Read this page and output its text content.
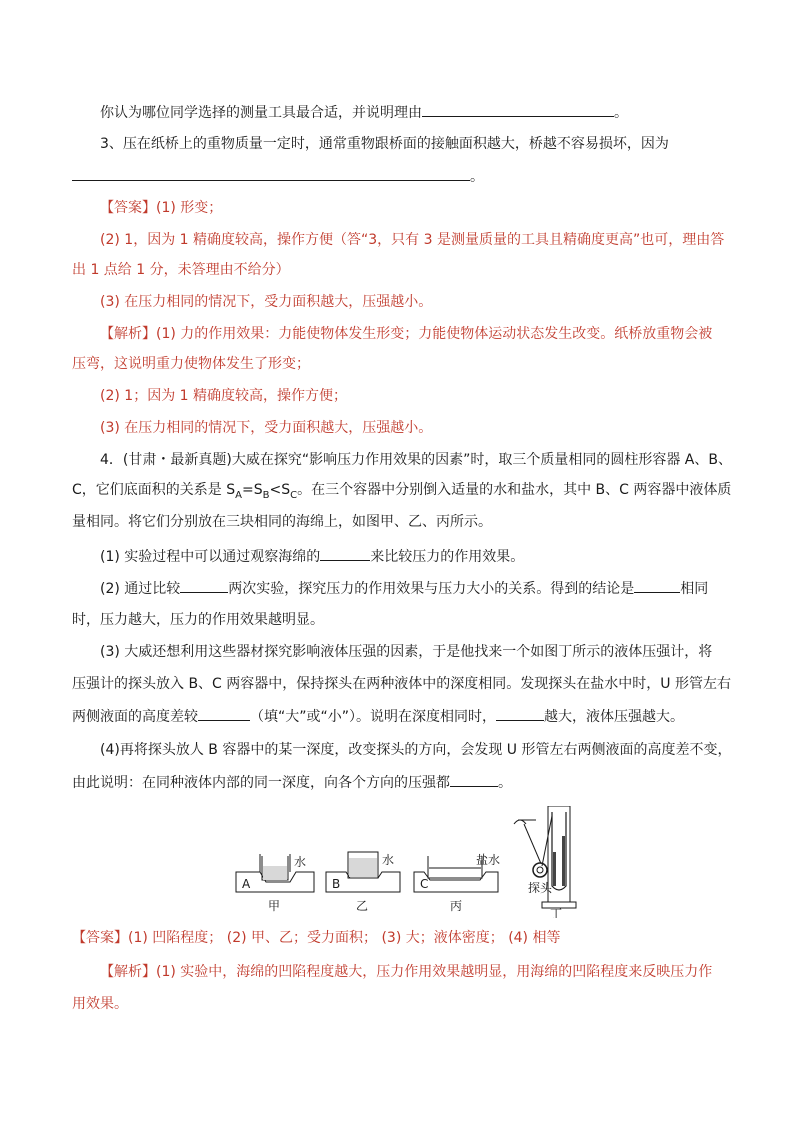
你认为哪位同学选择的测量工具最合适，并说明理由	。
3、压在纸桥上的重物质量一定时，通常重物跟桥面的接触面积越大，桥越不容易损坏，因为
。
【答案】(1) 形变；
(2) 1，因为 1 精确度较高，操作方便（答“3，只有 3 是测量质量的工具且精确度更高”也可，理由答
出 1 点给 1 分，未答理由不给分）
(3) 在压力相同的情况下，受力面积越大，压强越小。
【解析】(1) 力的作用效果：力能使物体发生形变；力能使物体运动状态发生改变。纸桥放重物会被
压弯，这说明重力使物体发生了形变；
(2) 1；因为 1 精确度较高，操作方便；
(3) 在压力相同的情况下，受力面积越大，压强越小。
4．(甘肃・最新真题)大威在探究“影响压力作用效果的因素”时，取三个质量相同的圆柱形容器 A、B、
C，它们底面积的关系是 $S_A=S_B<S_C$。在三个容器中分别倒入适量的水和盐水，其中 B、C 两容器中液体质
量相同。将它们分别放在三块相同的海绵上，如图甲、乙、丙所示。
(1) 实验过程中可以通过观察海绵的	来比较压力的作用效果。
(2) 通过比较	两次实验，探究压力的作用效果与压力大小的关系。得到的结论是	相同
时，压力越大，压力的作用效果越明显。
(3) 大威还想利用这些器材探究影响液体压强的因素，于是他找来一个如图丁所示的液体压强计，将
压强计的探头放入 B、C 两容器中，保持探头在两种液体中的深度相同。发现探头在盐水中时，U 形管左右
两侧液面的高度差较	（填“大”或“小”）。说明在深度相同时，	越大，液体压强越大。
(4)再将探头放人 B 容器中的某一深度，改变探头的方向，会发现 U 形管左右两侧液面的高度差不变，
由此说明：在同种液体内部的同一深度，向各个方向的压强都	。
A
水
B
水
C
盐水
探头
甲	乙	丙
丁
【答案】(1) 凹陷程度； (2) 甲、乙；受力面积； (3) 大；液体密度； (4) 相等
【解析】(1) 实验中，海绵的凹陷程度越大，压力作用效果越明显，用海绵的凹陷程度来反映压力作
用效果。
